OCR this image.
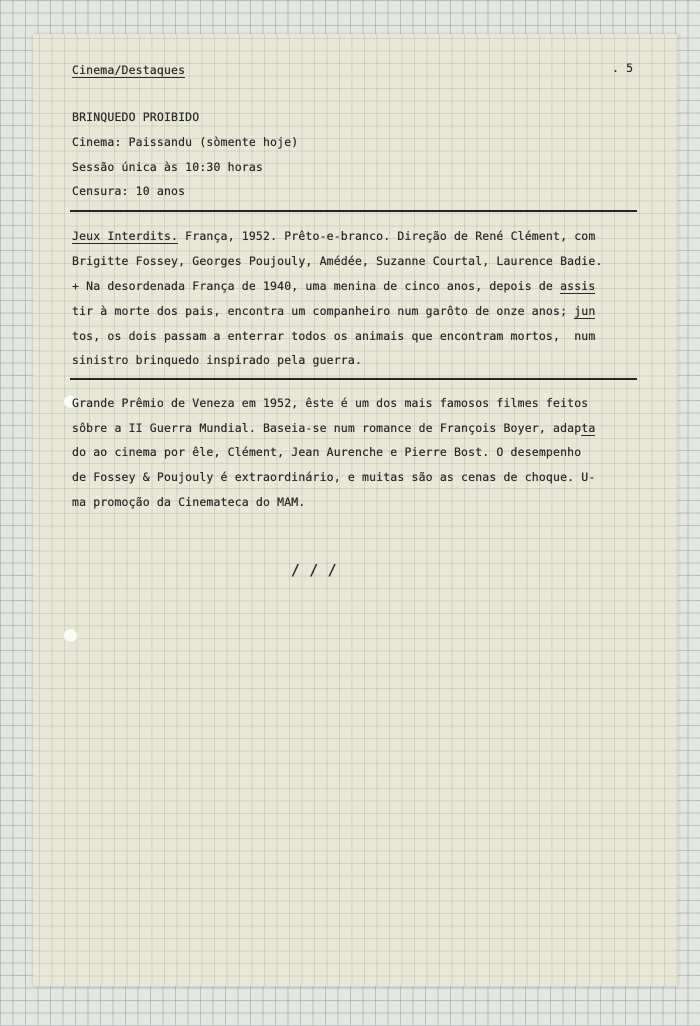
Cinema/Destaques	. 5
BRINQUEDO PROIBIDO
Cinema: Paissandu (sòmente hoje)
Sessão única às 10:30 horas
Censura: 10 anos
Jeux Interdits. França, 1952. Prêto-e-branco. Direção de René Clément, com
Brigitte Fossey, Georges Poujouly, Amédée, Suzanne Courtal, Laurence Badie.
+ Na desordenada França de 1940, uma menina de cinco anos, depois de assis
tir à morte dos pais, encontra um companheiro num garôto de onze anos; jun
tos, os dois passam a enterrar todos os animais que encontram mortos,  num
sinistro brinquedo inspirado pela guerra.
Grande Prêmio de Veneza em 1952, êste é um dos mais famosos filmes feitos
sôbre a II Guerra Mundial. Baseia-se num romance de François Boyer, adapta
do ao cinema por êle, Clément, Jean Aurenche e Pierre Bost. O desempenho
de Fossey & Poujouly é extraordinário, e muitas são as cenas de choque. U-
ma promoção da Cinemateca do MAM.
/ / /
